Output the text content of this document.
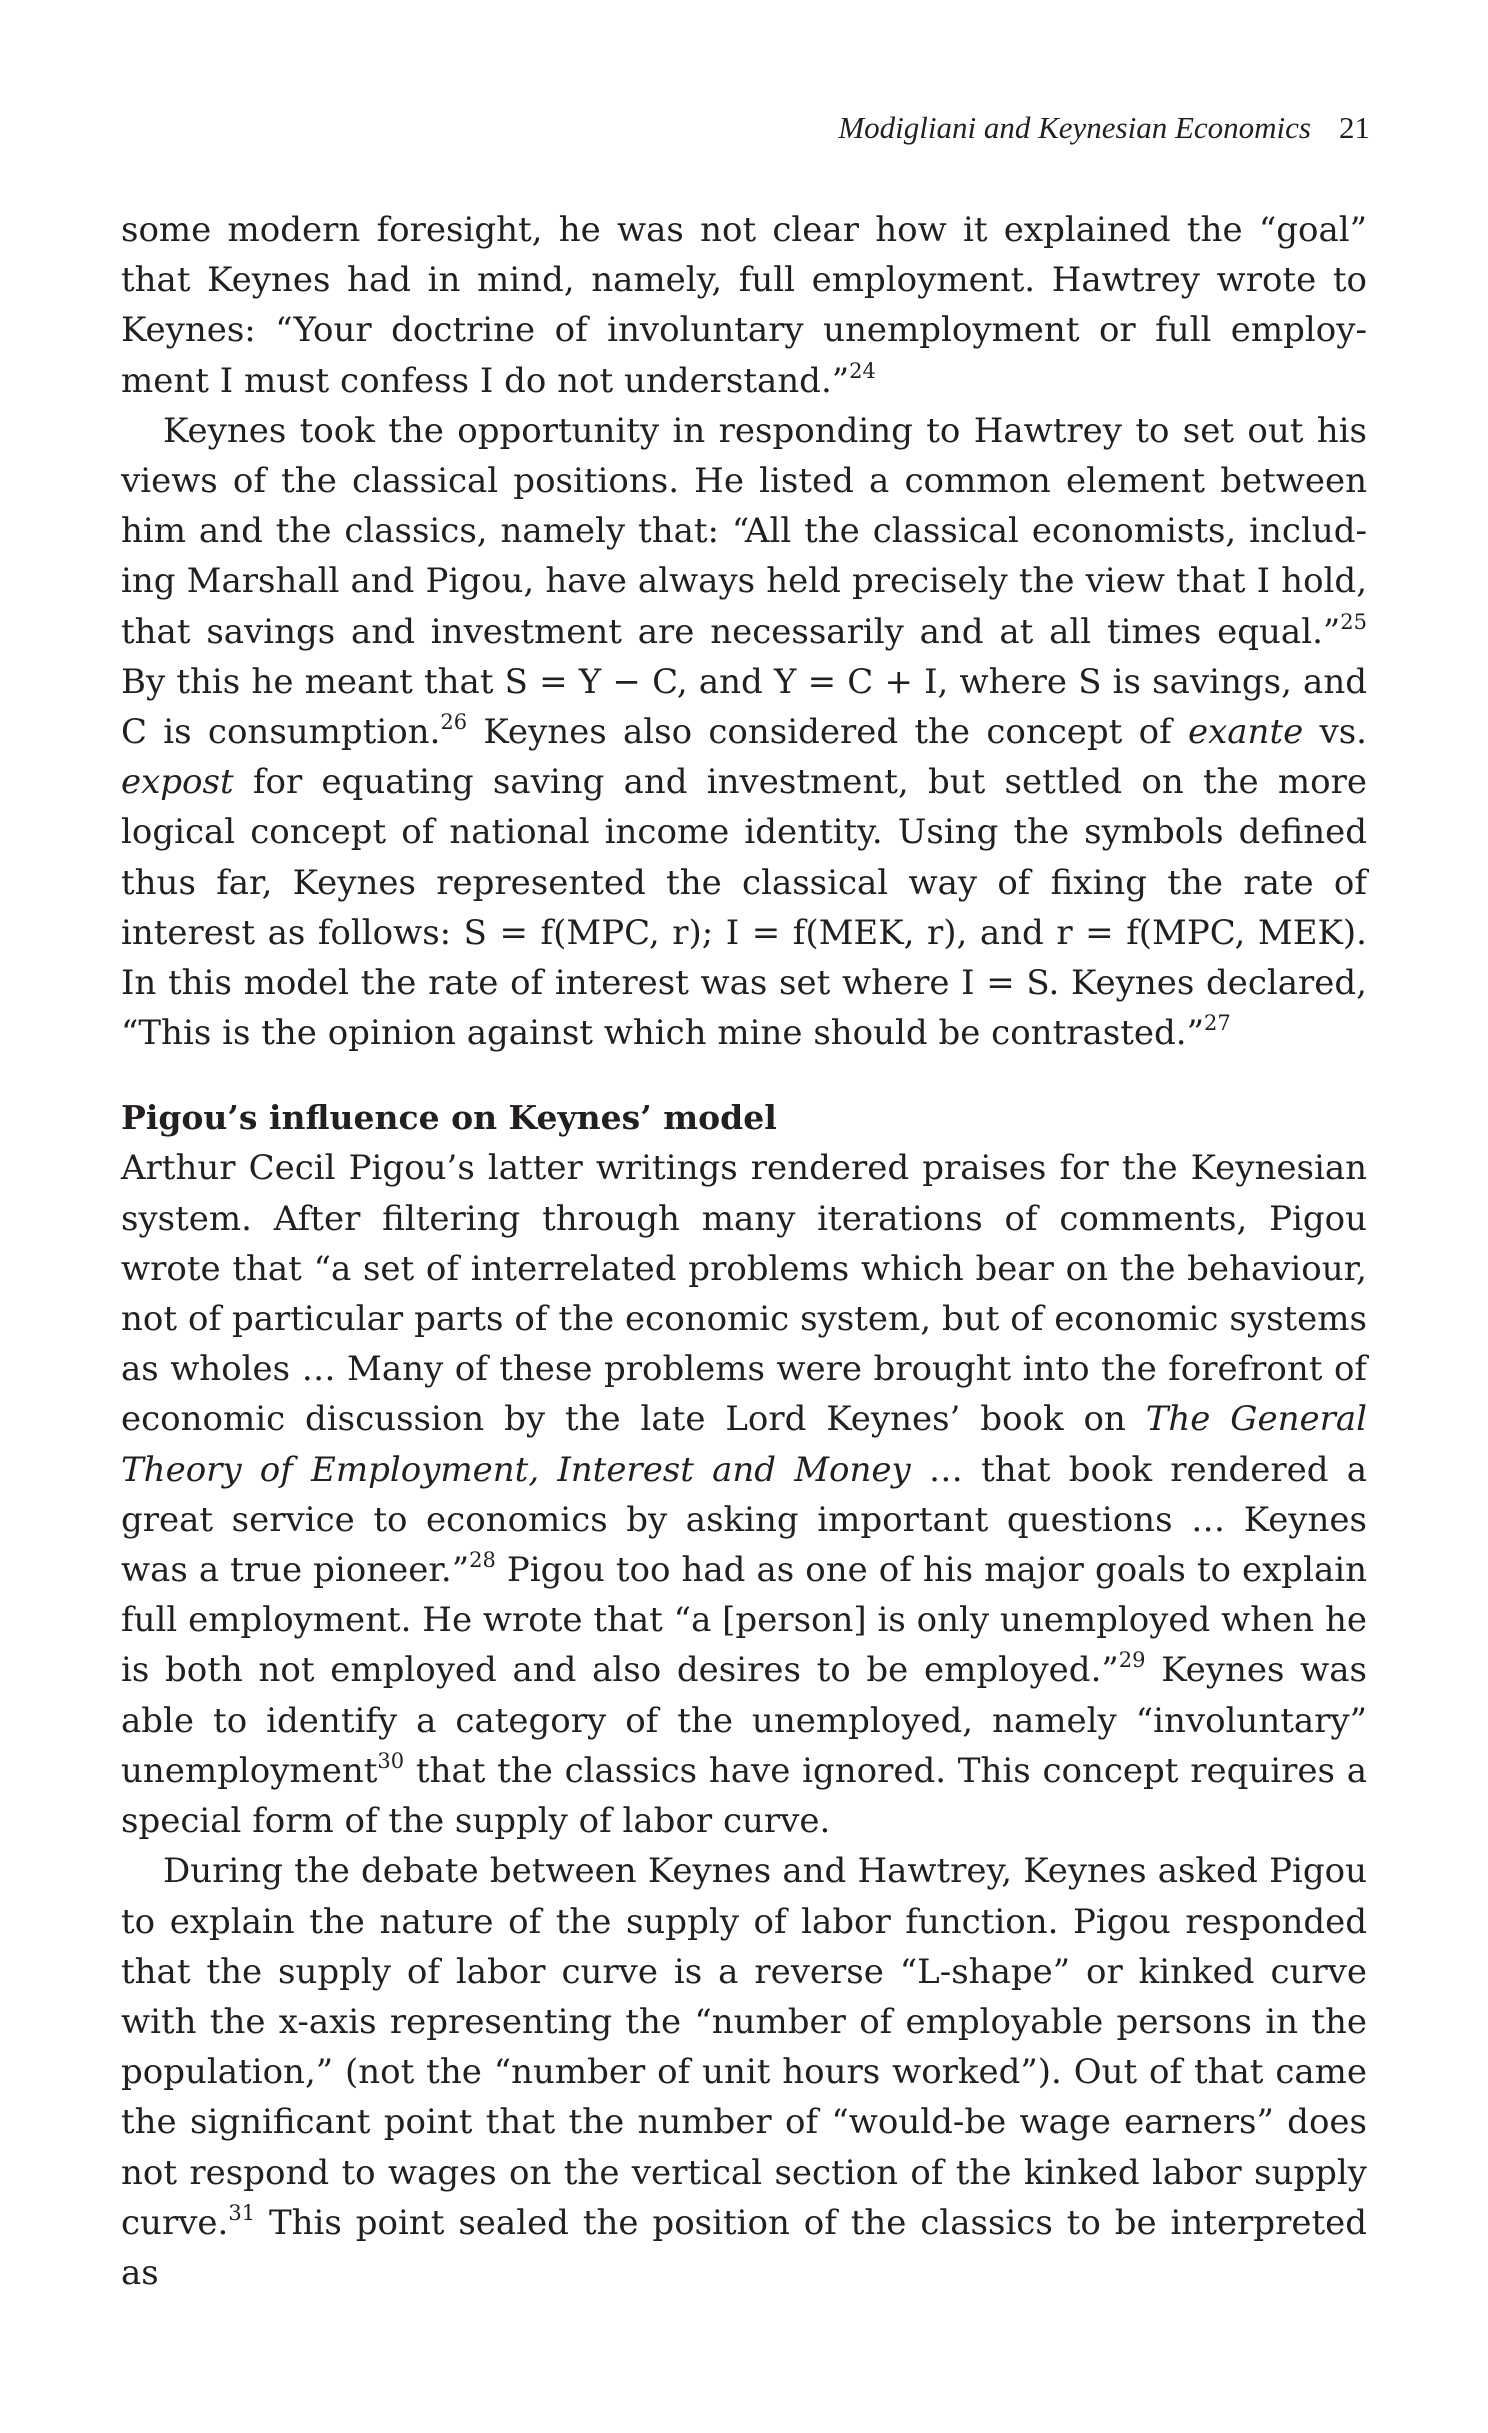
Modigliani and Keynesian Economics 21

some modern foresight, he was not clear how it explained the “goal” that Keynes had in mind, namely, full employment. Hawtrey wrote to Keynes: “Your doctrine of involuntary unemployment or full employment I must confess I do not understand.”$^{24}$

Keynes took the opportunity in responding to Hawtrey to set out his views of the classical positions. He listed a common element between him and the classics, namely that: “All the classical economists, including Marshall and Pigou, have always held precisely the view that I hold, that savings and investment are necessarily and at all times equal.”$^{25}$ By this he meant that S = Y − C, and Y = C + I, where S is savings, and C is consumption.$^{26}$ Keynes also considered the concept of exante vs. expost for equating saving and investment, but settled on the more logical concept of national income identity. Using the symbols defined thus far, Keynes represented the classical way of fixing the rate of interest as follows: S = f(MPC, r); I = f(MEK, r), and r = f(MPC, MEK). In this model the rate of interest was set where I = S. Keynes declared, “This is the opinion against which mine should be contrasted.”$^{27}$

Pigou’s influence on Keynes’ model

Arthur Cecil Pigou’s latter writings rendered praises for the Keynesian system. After filtering through many iterations of comments, Pigou wrote that “a set of interrelated problems which bear on the behaviour, not of particular parts of the economic system, but of economic systems as wholes … Many of these problems were brought into the forefront of economic discussion by the late Lord Keynes’ book on The General Theory of Employment, Interest and Money … that book rendered a great service to economics by asking important questions … Keynes was a true pioneer.”$^{28}$ Pigou too had as one of his major goals to explain full employment. He wrote that “a [person] is only unemployed when he is both not employed and also desires to be employed.”$^{29}$ Keynes was able to identify a category of the unemployed, namely “involuntary” unemployment$^{30}$ that the classics have ignored. This concept requires a special form of the supply of labor curve.

During the debate between Keynes and Hawtrey, Keynes asked Pigou to explain the nature of the supply of labor function. Pigou responded that the supply of labor curve is a reverse “L-shape” or kinked curve with the x-axis representing the “number of employable persons in the population,” (not the “number of unit hours worked”). Out of that came the significant point that the number of “would-be wage earners” does not respond to wages on the vertical section of the kinked labor supply curve.$^{31}$ This point sealed the position of the classics to be interpreted as
